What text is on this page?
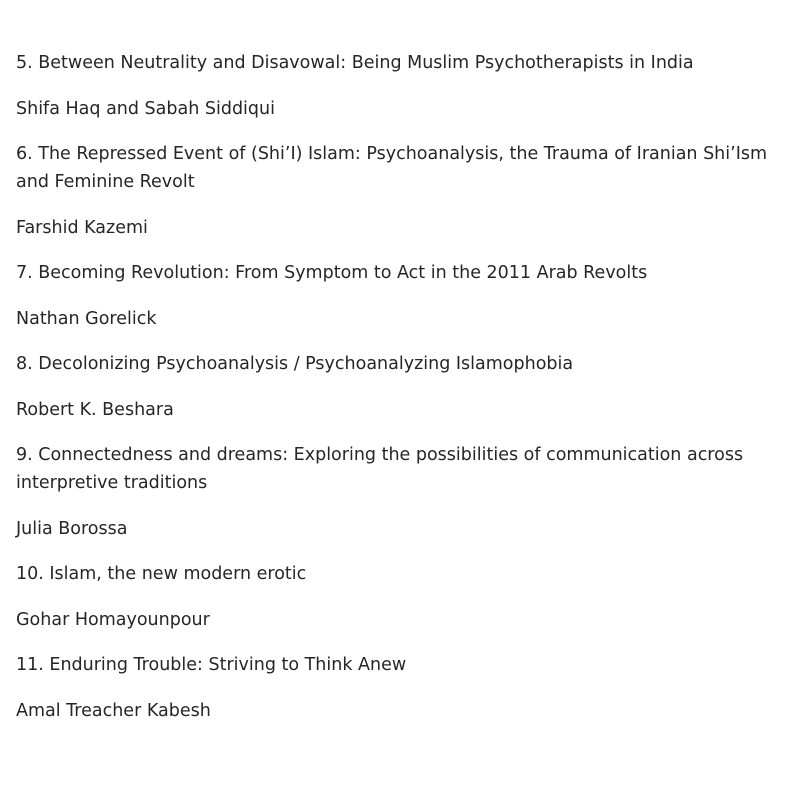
5. Between Neutrality and Disavowal: Being Muslim Psychotherapists in India

Shifa Haq and Sabah Siddiqui

6. The Repressed Event of (Shi’I) Islam: Psychoanalysis, the Trauma of Iranian Shi’Ism and Feminine Revolt

Farshid Kazemi

7. Becoming Revolution: From Symptom to Act in the 2011 Arab Revolts

Nathan Gorelick

8. Decolonizing Psychoanalysis / Psychoanalyzing Islamophobia

Robert K. Beshara

9. Connectedness and dreams: Exploring the possibilities of communication across interpretive traditions

Julia Borossa

10. Islam, the new modern erotic

Gohar Homayounpour

11. Enduring Trouble: Striving to Think Anew

Amal Treacher Kabesh
